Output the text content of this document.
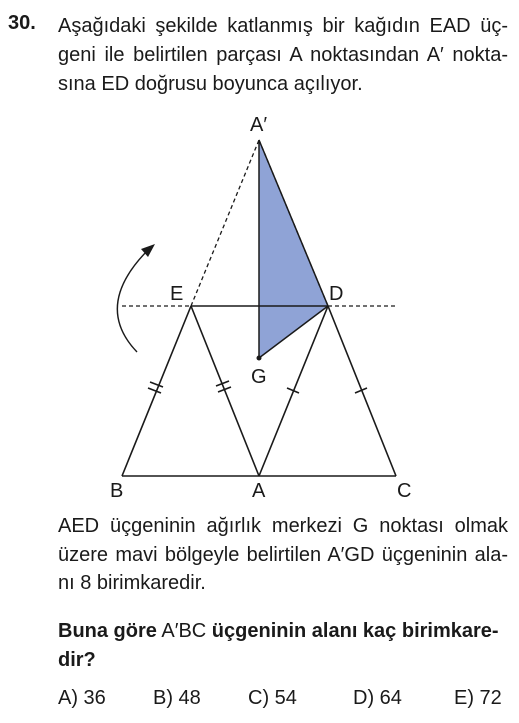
30. Aşağıdaki şekilde katlanmış bir kağıdın EAD üç-
geni ile belirtilen parçası A noktasından A′ nokta-
sına ED doğrusu boyunca açılıyor.
A′
E	D
G
B	A	C
AED üçgeninin ağırlık merkezi G noktası olmak
üzere mavi bölgeyle belirtilen A′GD üçgeninin ala-
nı 8 birimkaredir.
Buna göre A′BC üçgeninin alanı kaç birimkare-
dir?
A) 36 B) 48 C) 54	D) 64	E) 72
